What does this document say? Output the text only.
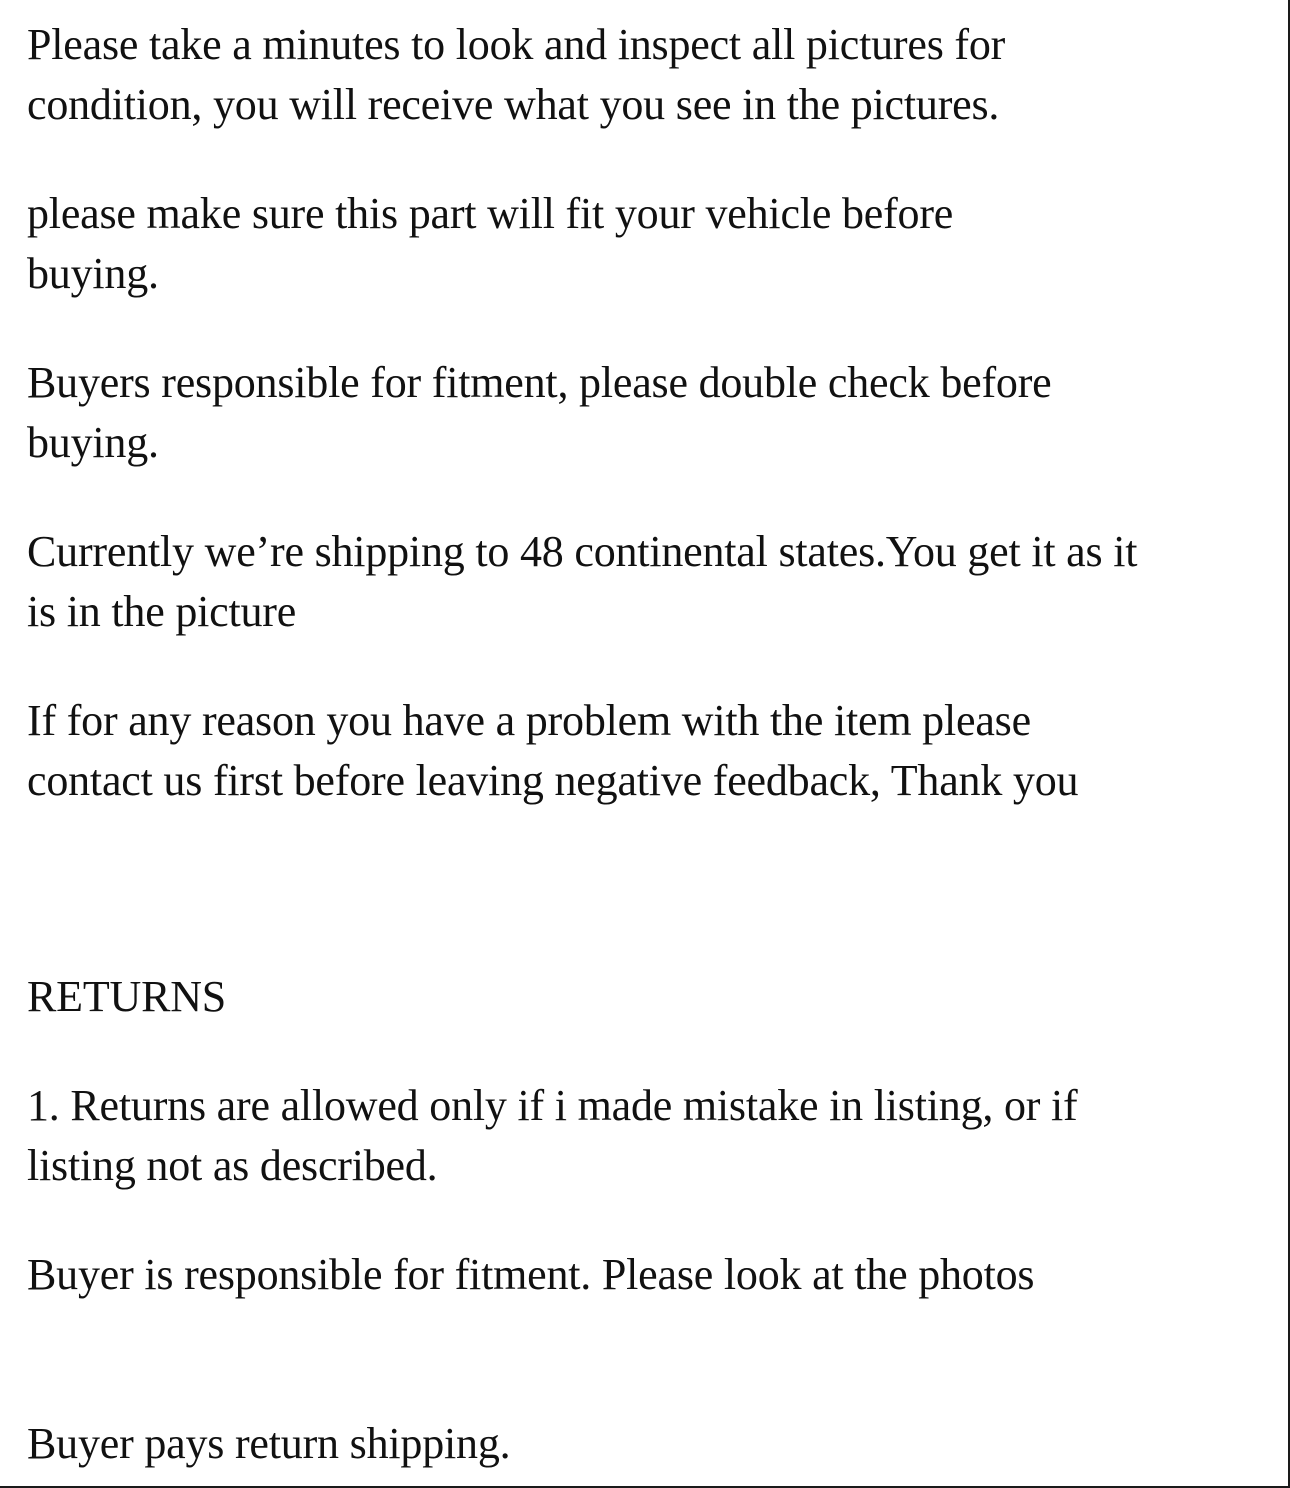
Please take a minutes to look and inspect all pictures for
condition, you will receive what you see in the pictures.

please make sure this part will fit your vehicle before
buying.

Buyers responsible for fitment, please double check before
buying.

Currently we’re shipping to 48 continental states.You get it as it
is in the picture

If for any reason you have a problem with the item please
contact us first before leaving negative feedback, Thank you

RETURNS

1. Returns are allowed only if i made mistake in listing, or if
listing not as described.

Buyer is responsible for fitment. Please look at the photos

Buyer pays return shipping.
